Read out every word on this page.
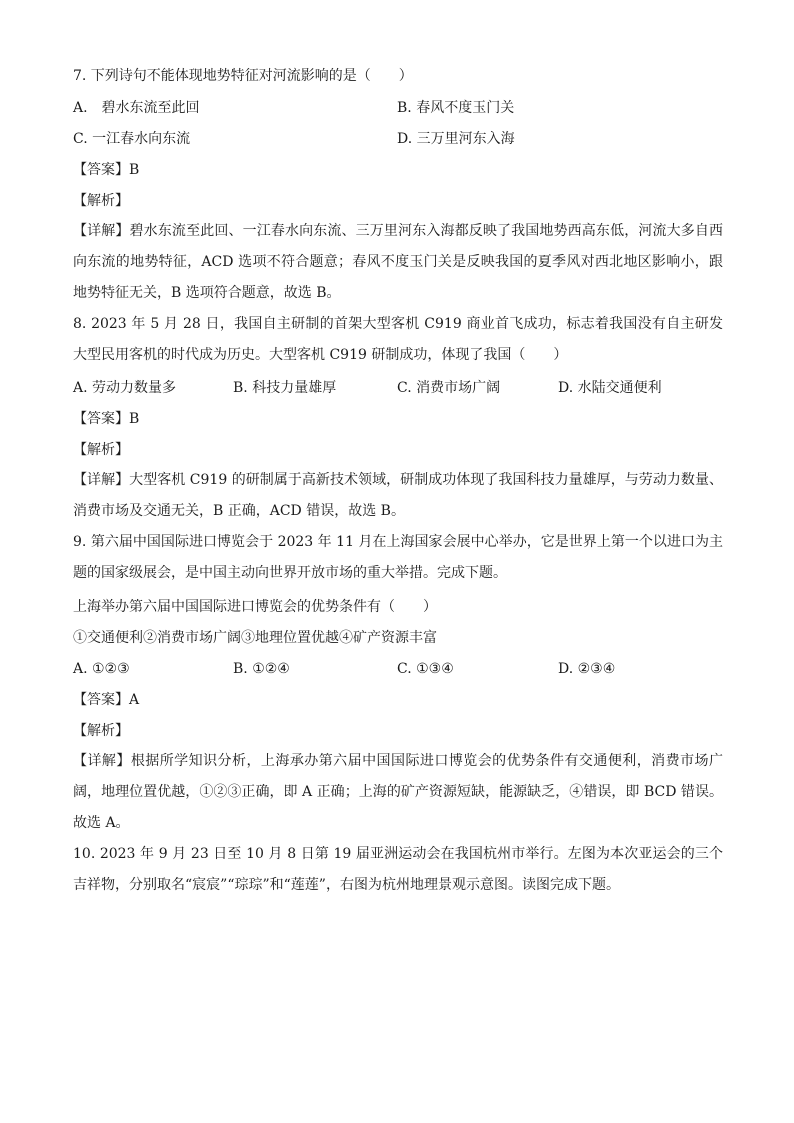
7. 下列诗句不能体现地势特征对河流影响的是（　　）
A.　碧水东流至此回	B. 春风不度玉门关
C. 一江春水向东流	D. 三万里河东入海
【答案】B
【解析】
【详解】碧水东流至此回、一江春水向东流、三万里河东入海都反映了我国地势西高东低，河流大多自西向东流的地势特征，ACD 选项不符合题意；春风不度玉门关是反映我国的夏季风对西北地区影响小，跟地势特征无关，B 选项符合题意，故选 B。
8. 2023 年 5 月 28 日，我国自主研制的首架大型客机 C919 商业首飞成功，标志着我国没有自主研发大型民用客机的时代成为历史。大型客机 C919 研制成功，体现了我国（　　）
A. 劳动力数量多	B. 科技力量雄厚	C. 消费市场广阔	D. 水陆交通便利
【答案】B
【解析】
【详解】大型客机 C919 的研制属于高新技术领域，研制成功体现了我国科技力量雄厚，与劳动力数量、消费市场及交通无关，B 正确，ACD 错误，故选 B。
9. 第六届中国国际进口博览会于 2023 年 11 月在上海国家会展中心举办，它是世界上第一个以进口为主题的国家级展会，是中国主动向世界开放市场的重大举措。完成下题。
上海举办第六届中国国际进口博览会的优势条件有（　　）
①交通便利②消费市场广阔③地理位置优越④矿产资源丰富
A. ①②③	B. ①②④	C. ①③④	D. ②③④
【答案】A
【解析】
【详解】根据所学知识分析，上海承办第六届中国国际进口博览会的优势条件有交通便利，消费市场广阔，地理位置优越，①②③正确，即 A 正确；上海的矿产资源短缺，能源缺乏，④错误，即 BCD 错误。故选 A。
10. 2023 年 9 月 23 日至 10 月 8 日第 19 届亚洲运动会在我国杭州市举行。左图为本次亚运会的三个吉祥物，分别取名“宸宸”“琮琮”和“莲莲”，右图为杭州地理景观示意图。读图完成下题。
